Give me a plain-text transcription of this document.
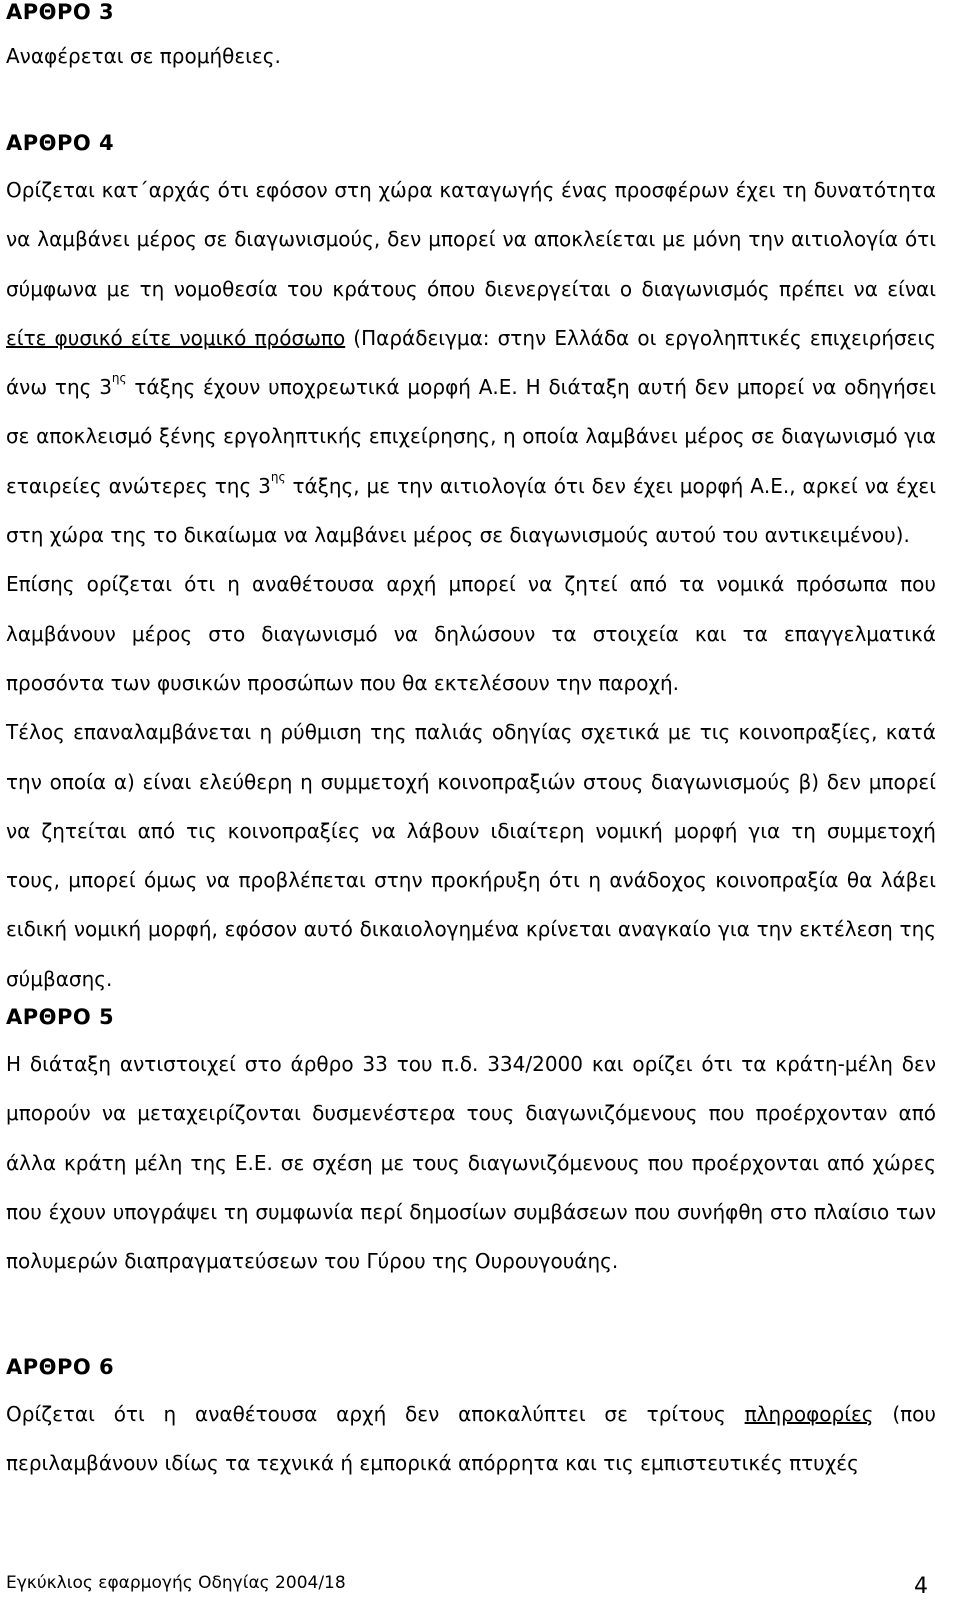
ΑΡΘΡΟ 3

Αναφέρεται σε προμήθειες.

ΑΡΘΡΟ 4

Ορίζεται κατ΄αρχάς ότι εφόσον στη χώρα καταγωγής ένας προσφέρων έχει τη δυνατότητα να λαμβάνει μέρος σε διαγωνισμούς, δεν μπορεί να αποκλείεται με μόνη την αιτιολογία ότι σύμφωνα με τη νομοθεσία του κράτους όπου διενεργείται ο διαγωνισμός πρέπει να είναι είτε φυσικό είτε νομικό πρόσωπο (Παράδειγμα: στην Ελλάδα οι εργοληπτικές επιχειρήσεις άνω της $3^{\eta\varsigma}$ τάξης έχουν υποχρεωτικά μορφή Α.Ε. Η διάταξη αυτή δεν μπορεί να οδηγήσει σε αποκλεισμό ξένης εργοληπτικής επιχείρησης, η οποία λαμβάνει μέρος σε διαγωνισμό για εταιρείες ανώτερες της $3^{\eta\varsigma}$ τάξης, με την αιτιολογία ότι δεν έχει μορφή Α.Ε., αρκεί να έχει στη χώρα της το δικαίωμα να λαμβάνει μέρος σε διαγωνισμούς αυτού του αντικειμένου).

Επίσης ορίζεται ότι η αναθέτουσα αρχή μπορεί να ζητεί από τα νομικά πρόσωπα που λαμβάνουν μέρος στο διαγωνισμό να δηλώσουν τα στοιχεία και τα επαγγελματικά προσόντα των φυσικών προσώπων που θα εκτελέσουν την παροχή.

Τέλος επαναλαμβάνεται η ρύθμιση της παλιάς οδηγίας σχετικά με τις κοινοπραξίες, κατά την οποία α) είναι ελεύθερη η συμμετοχή κοινοπραξιών στους διαγωνισμούς β) δεν μπορεί να ζητείται από τις κοινοπραξίες να λάβουν ιδιαίτερη νομική μορφή για τη συμμετοχή τους, μπορεί όμως να προβλέπεται στην προκήρυξη ότι η ανάδοχος κοινοπραξία θα λάβει ειδική νομική μορφή, εφόσον αυτό δικαιολογημένα κρίνεται αναγκαίο για την εκτέλεση της σύμβασης.

ΑΡΘΡΟ 5

Η διάταξη αντιστοιχεί στο άρθρο 33 του π.δ. 334/2000 και ορίζει ότι τα κράτη-μέλη δεν μπορούν να μεταχειρίζονται δυσμενέστερα τους διαγωνιζόμενους που προέρχονταν από άλλα κράτη μέλη της Ε.Ε. σε σχέση με τους διαγωνιζόμενους που προέρχονται από χώρες που έχουν υπογράψει τη συμφωνία περί δημοσίων συμβάσεων που συνήφθη στο πλαίσιο των πολυμερών διαπραγματεύσεων του Γύρου της Ουρουγουάης.

ΑΡΘΡΟ 6

Ορίζεται ότι η αναθέτουσα αρχή δεν αποκαλύπτει σε τρίτους πληροφορίες (που περιλαμβάνουν ιδίως τα τεχνικά ή εμπορικά απόρρητα και τις εμπιστευτικές πτυχές

Εγκύκλιος εφαρμογής Οδηγίας 2004/18	4
